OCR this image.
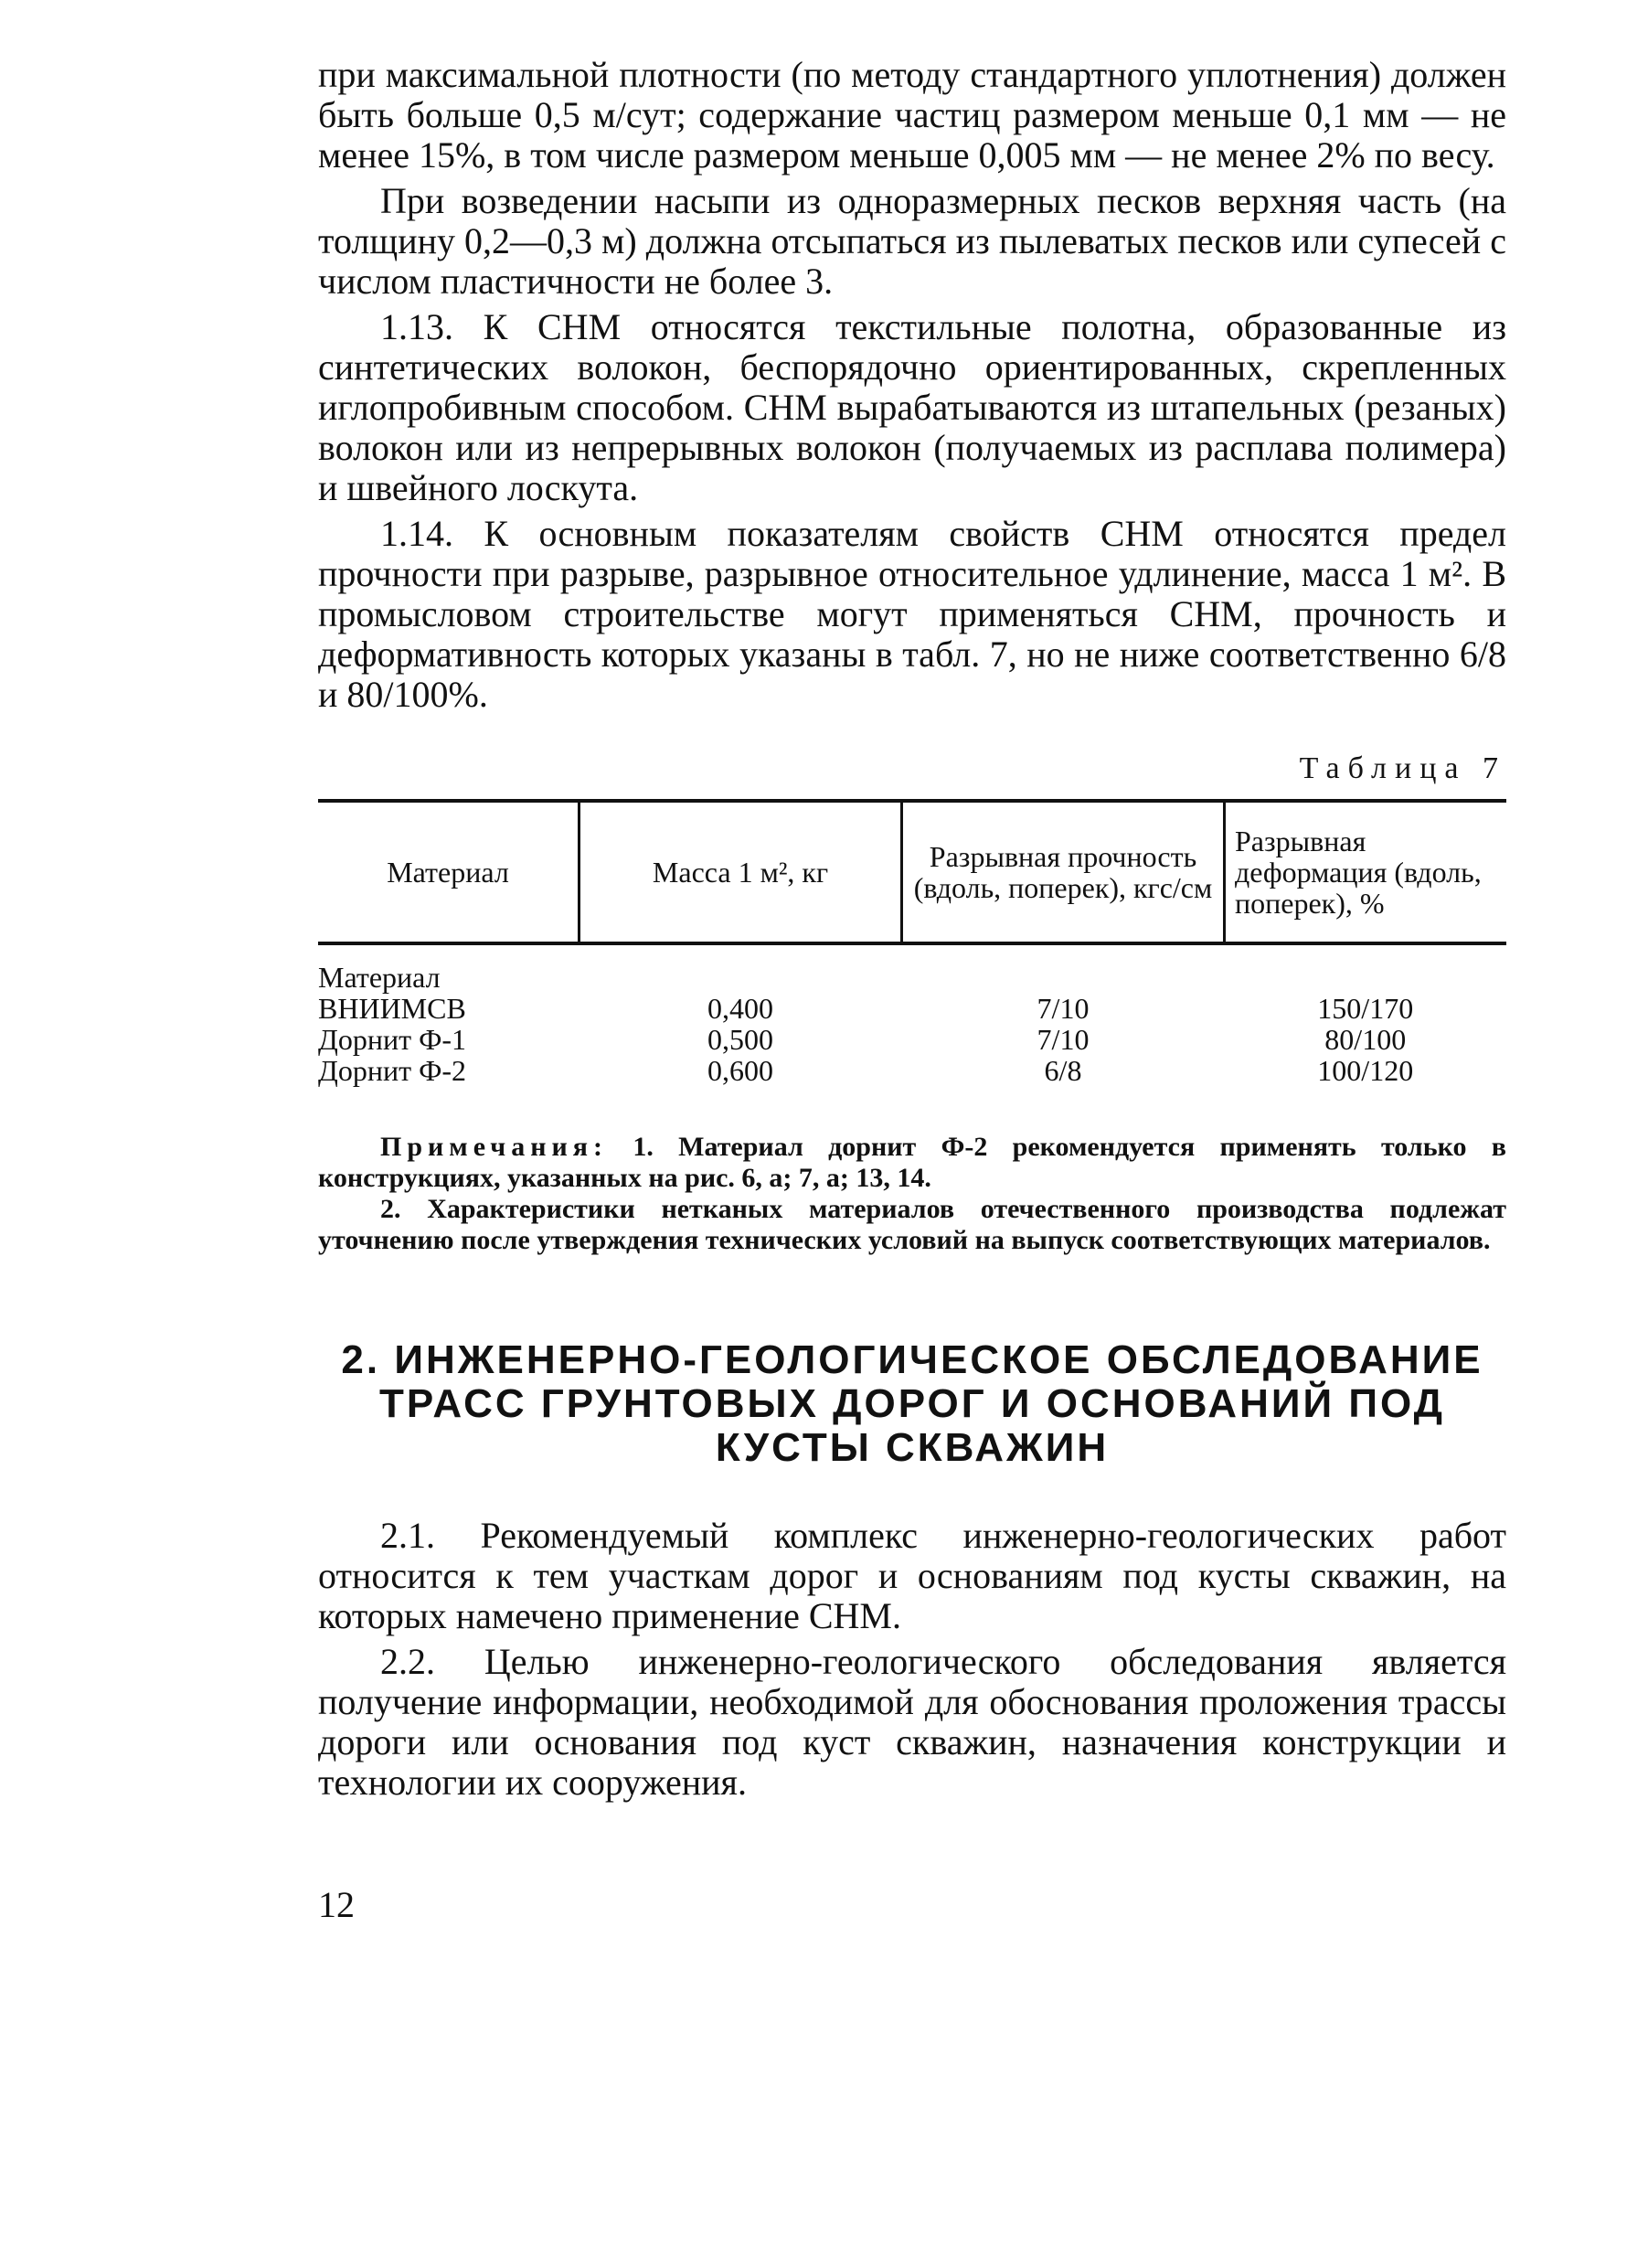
при максимальной плотности (по методу стандартного уплотнения) должен быть больше 0,5 м/сут; содержание частиц размером меньше 0,1 мм — не менее 15%, в том числе размером меньше 0,005 мм — не менее 2% по весу.

При возведении насыпи из одноразмерных песков верхняя часть (на толщину 0,2—0,3 м) должна отсыпаться из пылеватых песков или супесей с числом пластичности не более 3.

1.13. К СНМ относятся текстильные полотна, образованные из синтетических волокон, беспорядочно ориентированных, скрепленных иглопробивным способом. СНМ вырабатываются из штапельных (резаных) волокон или из непрерывных волокон (получаемых из расплава полимера) и швейного лоскута.

1.14. К основным показателям свойств СНМ относятся предел прочности при разрыве, разрывное относительное удлинение, масса 1 м². В промысловом строительстве могут применяться СНМ, прочность и деформативность которых указаны в табл. 7, но не ниже соответственно 6/8 и 80/100%.

Таблица 7
Материал	Масса 1 м², кг	Разрывная прочность (вдоль, поперек), кгс/см	Разрывная деформация (вдоль, поперек), %
Материал			
ВНИИМСВ	0,400	7/10	150/170
Дорнит Ф-1	0,500	7/10	80/100
Дорнит Ф-2	0,600	6/8	100/120

Примечания: 1. Материал дорнит Ф-2 рекомендуется применять только в конструкциях, указанных на рис. 6, а; 7, а; 13, 14.

2. Характеристики нетканых материалов отечественного производства подлежат уточнению после утверждения технических условий на выпуск соответствующих материалов.

2. ИНЖЕНЕРНО-ГЕОЛОГИЧЕСКОЕ ОБСЛЕДОВАНИЕ ТРАСС ГРУНТОВЫХ ДОРОГ И ОСНОВАНИЙ ПОД КУСТЫ СКВАЖИН

2.1. Рекомендуемый комплекс инженерно-геологических работ относится к тем участкам дорог и основаниям под кусты скважин, на которых намечено применение СНМ.

2.2. Целью инженерно-геологического обследования является получение информации, необходимой для обоснования проложения трассы дороги или основания под куст скважин, назначения конструкции и технологии их сооружения.

12
